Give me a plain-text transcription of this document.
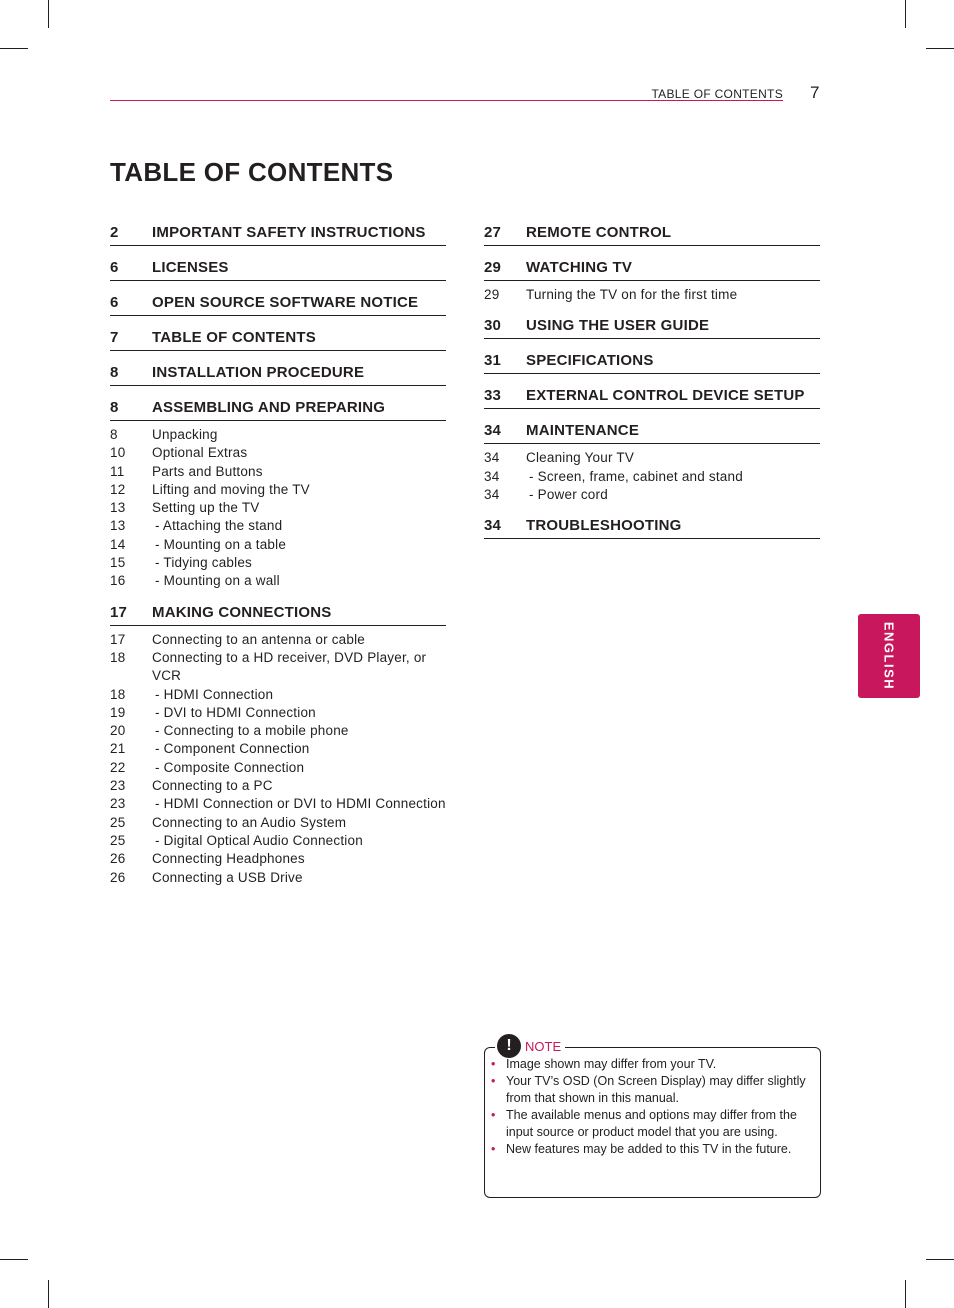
TABLE OF CONTENTS 7
TABLE OF CONTENTS
2	IMPORTANT SAFETY INSTRUCTIONS
6	LICENSES
6	OPEN SOURCE SOFTWARE NOTICE
7	TABLE OF CONTENTS
8	INSTALLATION PROCEDURE
8	ASSEMBLING AND PREPARING
8	Unpacking
10	Optional Extras
11	Parts and Buttons
12	Lifting and moving the TV
13	Setting up the TV
13	- Attaching the stand
14	- Mounting on a table
15	- Tidying cables
16	- Mounting on a wall
17	MAKING CONNECTIONS
17	Connecting to an antenna or cable
18	Connecting to a HD receiver, DVD Player, or VCR
18	- HDMI Connection
19	- DVI to HDMI Connection
20	- Connecting to a mobile phone
21	- Component Connection
22	- Composite Connection
23	Connecting to a PC
23	- HDMI Connection or DVI to HDMI Connection
25	Connecting to an Audio System
25	- Digital Optical Audio Connection
26	Connecting Headphones
26	Connecting a USB Drive
27	REMOTE CONTROL
29	WATCHING TV
29	Turning the TV on for the first time
30	USING THE USER GUIDE
31	SPECIFICATIONS
33	EXTERNAL CONTROL DEVICE SETUP
34	MAINTENANCE
34	Cleaning Your TV
34	- Screen, frame, cabinet and stand
34	- Power cord
34	TROUBLESHOOTING
ENGLISH
!	NOTE
• Image shown may differ from your TV.
• Your TV’s OSD (On Screen Display) may differ slightly from that shown in this manual.
• The available menus and options may differ from the input source or product model that you are using.
• New features may be added to this TV in the future.
